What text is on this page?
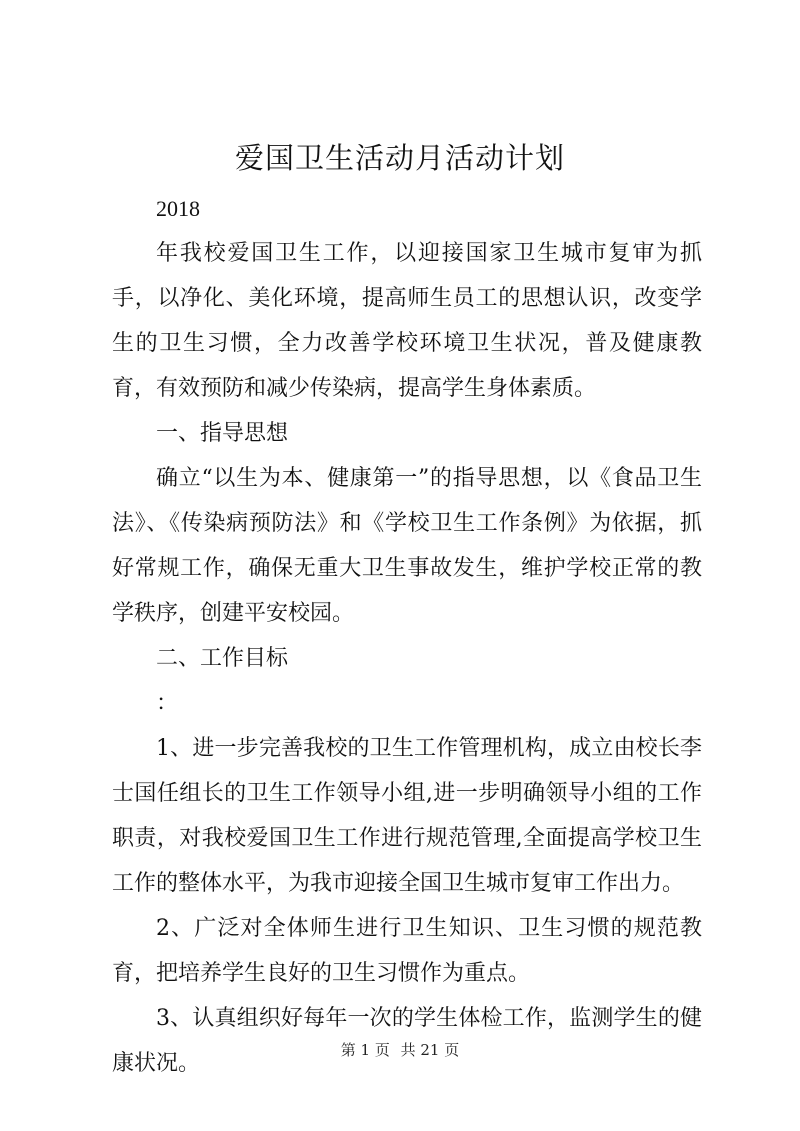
爱国卫生活动月活动计划

2018

年我校爱国卫生工作，以迎接国家卫生城市复审为抓手，以净化、美化环境，提高师生员工的思想认识，改变学生的卫生习惯，全力改善学校环境卫生状况，普及健康教育，有效预防和减少传染病，提高学生身体素质。

一、指导思想

确立“以生为本、健康第一”的指导思想，以《食品卫生法》、《传染病预防法》和《学校卫生工作条例》为依据，抓好常规工作，确保无重大卫生事故发生，维护学校正常的教学秩序，创建平安校园。

二、工作目标

：

1、进一步完善我校的卫生工作管理机构，成立由校长李士国任组长的卫生工作领导小组,进一步明确领导小组的工作职责，对我校爱国卫生工作进行规范管理,全面提高学校卫生工作的整体水平，为我市迎接全国卫生城市复审工作出力。

2、广泛对全体师生进行卫生知识、卫生习惯的规范教育，把培养学生良好的卫生习惯作为重点。

3、认真组织好每年一次的学生体检工作，监测学生的健康状况。

第 1 页 共 21 页
